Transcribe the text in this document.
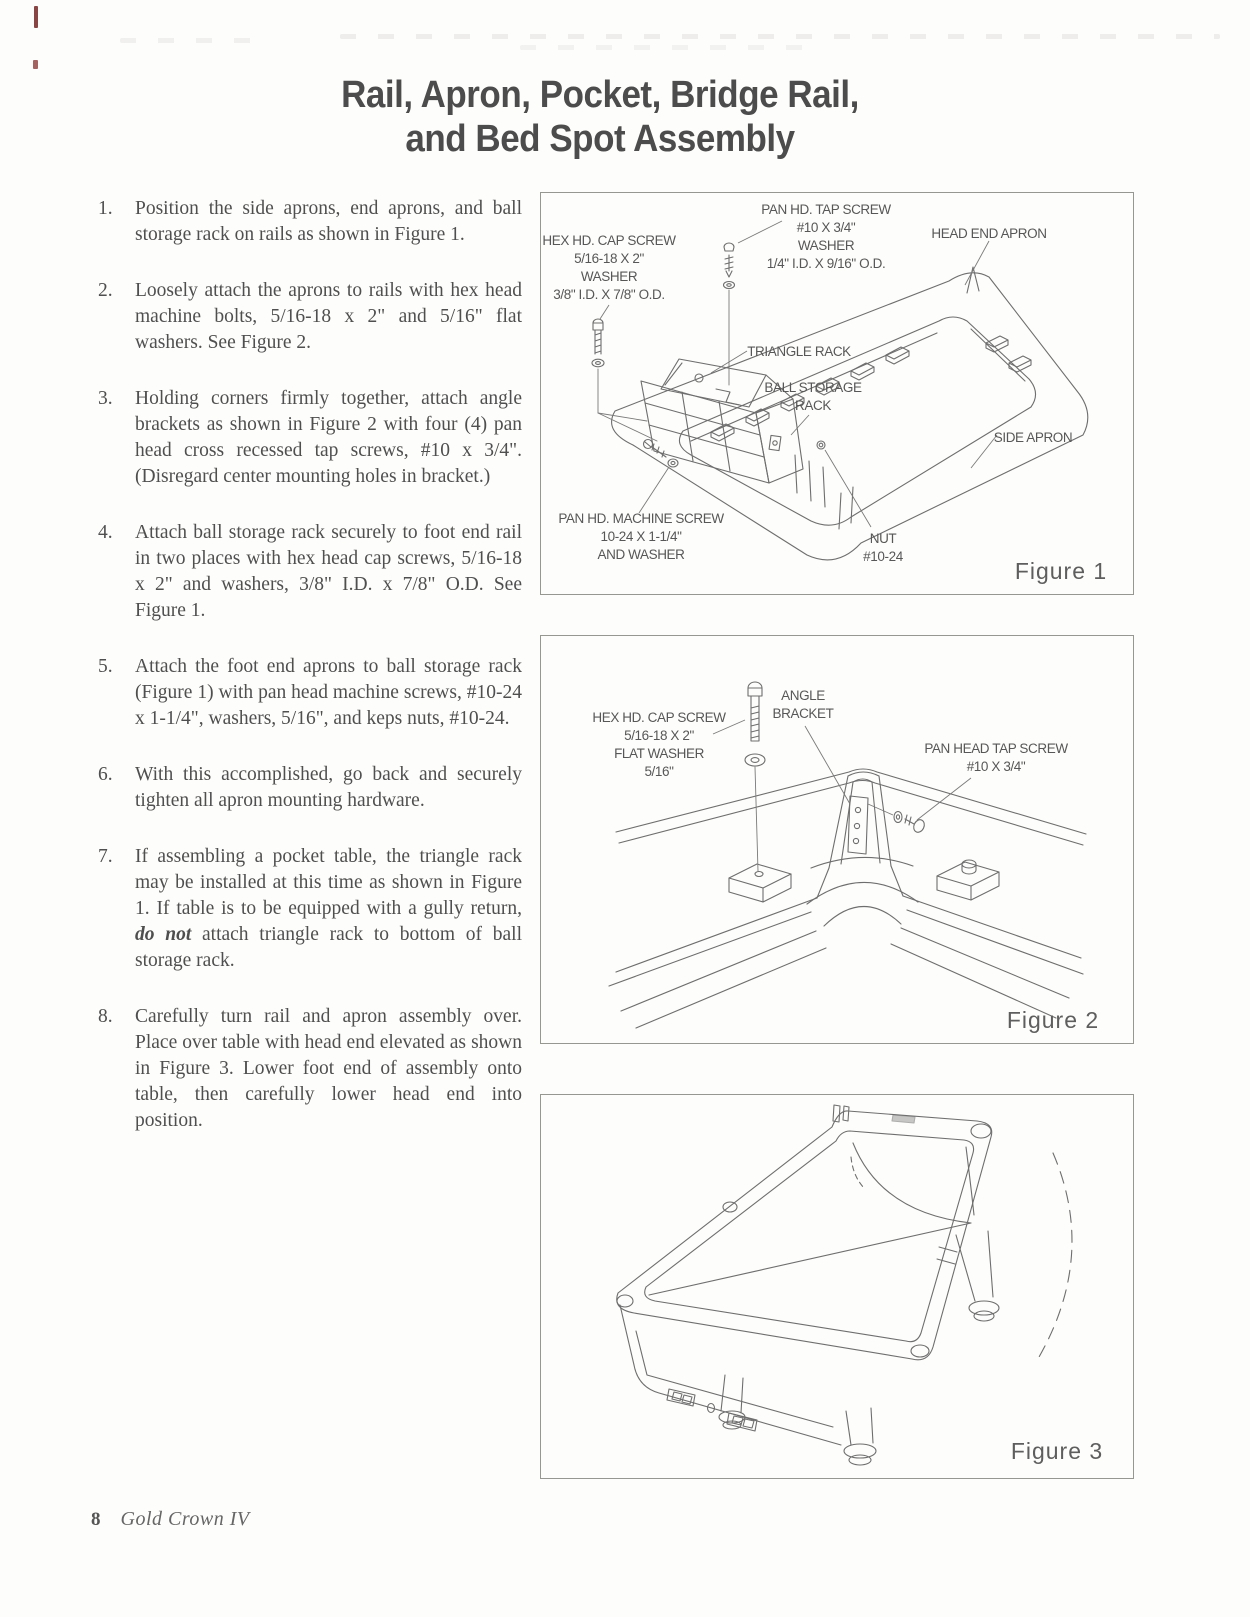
Rail, Apron, Pocket, Bridge Rail,
and Bed Spot Assembly
1.	Position the side aprons, end aprons, and ball storage rack on rails as shown in Figure 1.
2.	Loosely attach the aprons to rails with hex head machine bolts, 5/16-18 x 2" and 5/16" flat washers. See Figure 2.
3.	Holding corners firmly together, attach angle brackets as shown in Figure 2 with four (4) pan head cross recessed tap screws, #10 x 3/4". (Disregard center mounting holes in bracket.)
4.	Attach ball storage rack securely to foot end rail in two places with hex head cap screws, 5/16-18 x 2" and washers, 3/8" I.D. x 7/8" O.D. See Figure 1.
5.	Attach the foot end aprons to ball storage rack (Figure 1) with pan head machine screws, #10-24 x 1-1/4", washers, 5/16", and keps nuts, #10-24.
6.	With this accomplished, go back and securely tighten all apron mounting hardware.
7.	If assembling a pocket table, the triangle rack may be installed at this time as shown in Figure 1. If table is to be equipped with a gully return, do not attach triangle rack to bottom of ball storage rack.
8.	Carefully turn rail and apron assembly over. Place over table with head end elevated as shown in Figure 3. Lower foot end of assembly onto table, then carefully lower head end into position.
PAN HD. TAP SCREW
#10 X 3/4"
WASHER
1/4" I.D. X 9/16" O.D.
HEX HD. CAP SCREW
5/16-18 X 2"
WASHER
3/8" I.D. X 7/8" O.D.
HEAD END APRON
TRIANGLE RACK
BALL STORAGE
RACK
SIDE APRON
PAN HD. MACHINE SCREW
10-24 X 1-1/4"
AND WASHER
NUT
#10-24
Figure 1
HEX HD. CAP SCREW
5/16-18 X 2"
FLAT WASHER
5/16"
ANGLE
BRACKET
PAN HEAD TAP SCREW
#10 X 3/4"
Figure 2
Figure 3
8 Gold Crown IV
